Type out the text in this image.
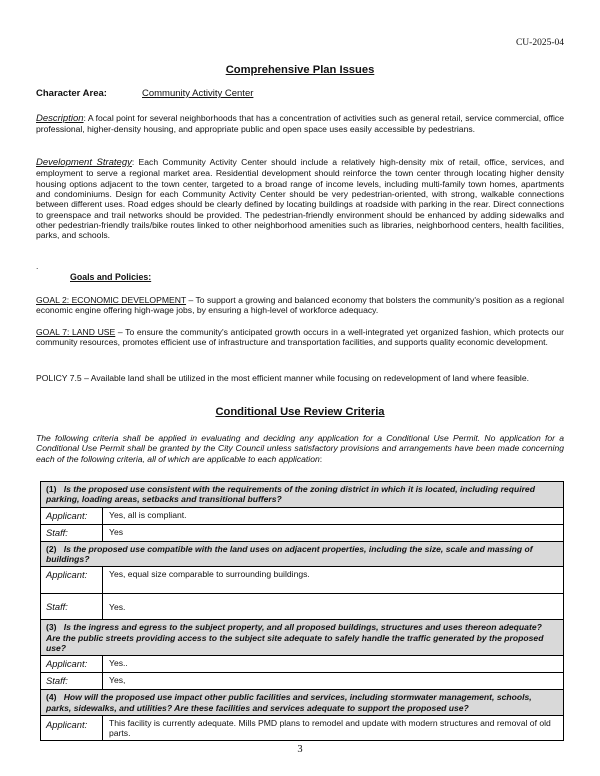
CU-2025-04
Comprehensive Plan Issues
Character Area:	Community Activity Center
Description: A focal point for several neighborhoods that has a concentration of activities such as general retail, service commercial, office professional, higher-density housing, and appropriate public and open space uses easily accessible by pedestrians.
Development Strategy: Each Community Activity Center should include a relatively high-density mix of retail, office, services, and employment to serve a regional market area. Residential development should reinforce the town center through locating higher density housing options adjacent to the town center, targeted to a broad range of income levels, including multi-family town homes, apartments and condominiums. Design for each Community Activity Center should be very pedestrian-oriented, with strong, walkable connections between different uses. Road edges should be clearly defined by locating buildings at roadside with parking in the rear. Direct connections to greenspace and trail networks should be provided. The pedestrian-friendly environment should be enhanced by adding sidewalks and other pedestrian-friendly trails/bike routes linked to other neighborhood amenities such as libraries, neighborhood centers, health facilities, parks, and schools.
.
Goals and Policies:
GOAL 2: ECONOMIC DEVELOPMENT – To support a growing and balanced economy that bolsters the community's position as a regional economic engine offering high-wage jobs, by ensuring a high-level of workforce adequacy.
GOAL 7: LAND USE – To ensure the community's anticipated growth occurs in a well-integrated yet organized fashion, which protects our community resources, promotes efficient use of infrastructure and transportation facilities, and supports quality economic development.
POLICY 7.5 – Available land shall be utilized in the most efficient manner while focusing on redevelopment of land where feasible.
Conditional Use Review Criteria
The following criteria shall be applied in evaluating and deciding any application for a Conditional Use Permit. No application for a Conditional Use Permit shall be granted by the City Council unless satisfactory provisions and arrangements have been made concerning each of the following criteria, all of which are applicable to each application:
(1) Is the proposed use consistent with the requirements of the zoning district in which it is located, including required parking, loading areas, setbacks and transitional buffers?
Applicant:	Yes, all is compliant.
Staff:	Yes
(2) Is the proposed use compatible with the land uses on adjacent properties, including the size, scale and massing of buildings?
Applicant:	Yes, equal size comparable to surrounding buildings.
Staff:	Yes.
(3) Is the ingress and egress to the subject property, and all proposed buildings, structures and uses thereon adequate? Are the public streets providing access to the subject site adequate to safely handle the traffic generated by the proposed use?
Applicant:	Yes..
Staff:	Yes,
(4) How will the proposed use impact other public facilities and services, including stormwater management, schools, parks, sidewalks, and utilities? Are these facilities and services adequate to support the proposed use?
Applicant:	This facility is currently adequate. Mills PMD plans to remodel and update with modern structures and removal of old parts.
3
